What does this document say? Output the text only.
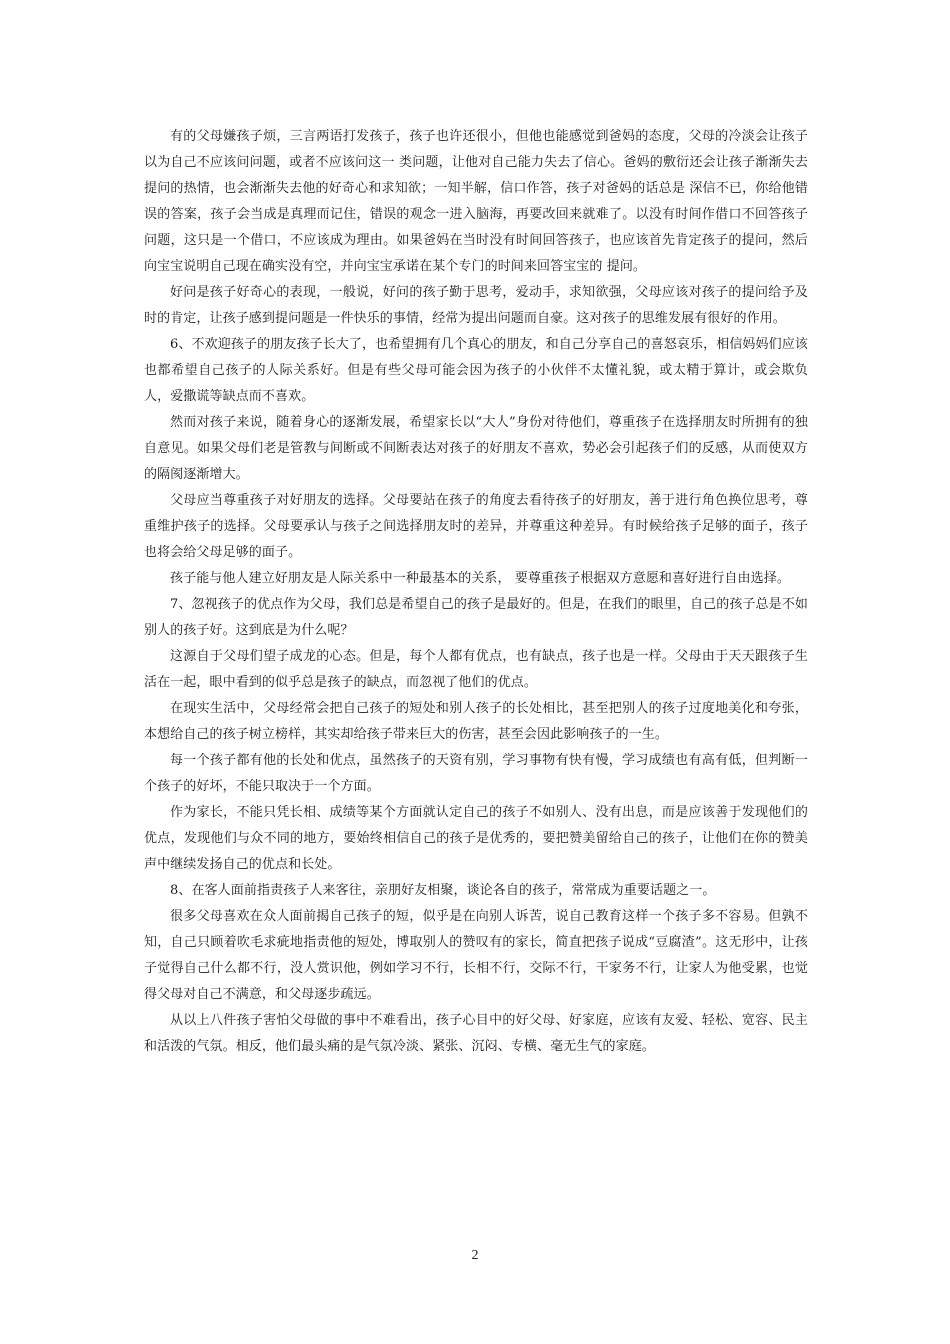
有的父母嫌孩子烦，三言两语打发孩子，孩子也许还很小，但他也能感觉到爸妈的态度，父母的冷淡会让孩子以为自己不应该问问题，或者不应该问这一 类问题，让他对自己能力失去了信心。爸妈的敷衍还会让孩子渐渐失去提问的热情，也会渐渐失去他的好奇心和求知欲；一知半解，信口作答，孩子对爸妈的话总是 深信不已，你给他错误的答案，孩子会当成是真理而记住，错误的观念一进入脑海，再要改回来就难了。以没有时间作借口不回答孩子问题，这只是一个借口，不应该成为理由。如果爸妈在当时没有时间回答孩子，也应该首先肯定孩子的提问，然后向宝宝说明自己现在确实没有空，并向宝宝承诺在某个专门的时间来回答宝宝的 提问。

好问是孩子好奇心的表现，一般说，好问的孩子勤于思考，爱动手，求知欲强，父母应该对孩子的提问给予及时的肯定，让孩子感到提问题是一件快乐的事情，经常为提出问题而自豪。这对孩子的思维发展有很好的作用。

6、不欢迎孩子的朋友孩子长大了，也希望拥有几个真心的朋友，和自己分享自己的喜怒哀乐，相信妈妈们应该也都希望自己孩子的人际关系好。但是有些父母可能会因为孩子的小伙伴不太懂礼貌，或太精于算计，或会欺负人，爱撒谎等缺点而不喜欢。

然而对孩子来说，随着身心的逐渐发展，希望家长以“大人”身份对待他们，尊重孩子在选择朋友时所拥有的独自意见。如果父母们老是管教与间断或不间断表达对孩子的好朋友不喜欢，势必会引起孩子们的反感，从而使双方的隔阂逐渐增大。

父母应当尊重孩子对好朋友的选择。父母要站在孩子的角度去看待孩子的好朋友，善于进行角色换位思考，尊重维护孩子的选择。父母要承认与孩子之间选择朋友时的差异，并尊重这种差异。有时候给孩子足够的面子，孩子也将会给父母足够的面子。

孩子能与他人建立好朋友是人际关系中一种最基本的关系， 要尊重孩子根据双方意愿和喜好进行自由选择。

7、忽视孩子的优点作为父母，我们总是希望自己的孩子是最好的。但是，在我们的眼里，自己的孩子总是不如别人的孩子好。这到底是为什么呢？

这源自于父母们望子成龙的心态。但是，每个人都有优点，也有缺点，孩子也是一样。父母由于天天跟孩子生活在一起，眼中看到的似乎总是孩子的缺点，而忽视了他们的优点。

在现实生活中，父母经常会把自己孩子的短处和别人孩子的长处相比，甚至把别人的孩子过度地美化和夸张，本想给自己的孩子树立榜样，其实却给孩子带来巨大的伤害，甚至会因此影响孩子的一生。

每一个孩子都有他的长处和优点，虽然孩子的天资有别，学习事物有快有慢，学习成绩也有高有低，但判断一个孩子的好坏，不能只取决于一个方面。

作为家长，不能只凭长相、成绩等某个方面就认定自己的孩子不如别人、没有出息，而是应该善于发现他们的优点，发现他们与众不同的地方，要始终相信自己的孩子是优秀的，要把赞美留给自己的孩子，让他们在你的赞美声中继续发扬自己的优点和长处。

8、在客人面前指责孩子人来客往，亲朋好友相聚，谈论各自的孩子，常常成为重要话题之一。

很多父母喜欢在众人面前揭自己孩子的短，似乎是在向别人诉苦，说自己教育这样一个孩子多不容易。但孰不知，自己只顾着吹毛求疵地指责他的短处，博取别人的赞叹有的家长，简直把孩子说成“豆腐渣”。这无形中，让孩子觉得自己什么都不行，没人赏识他，例如学习不行，长相不行，交际不行，干家务不行，让家人为他受累，也觉得父母对自己不满意，和父母逐步疏远。

从以上八件孩子害怕父母做的事中不难看出，孩子心目中的好父母、好家庭，应该有友爱、轻松、宽容、民主和活泼的气氛。相反，他们最头痛的是气氛冷淡、紧张、沉闷、专横、毫无生气的家庭。

2
